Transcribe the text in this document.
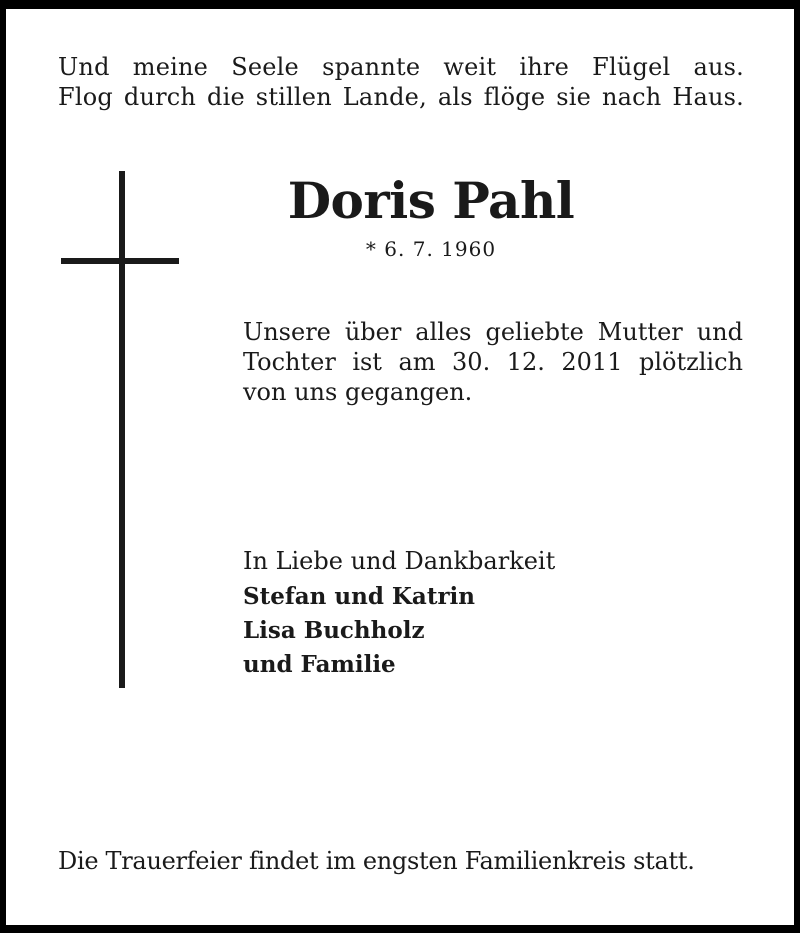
Und meine Seele spannte weit ihre Flügel aus.
Flog durch die stillen Lande, als flöge sie nach Haus.
Doris Pahl
* 6. 7. 1960
Unsere über alles geliebte Mutter und
Tochter ist am 30. 12. 2011 plötzlich
von uns gegangen.
In Liebe und Dankbarkeit
Stefan und Katrin
Lisa Buchholz
und Familie
Die Trauerfeier findet im engsten Familienkreis statt.
